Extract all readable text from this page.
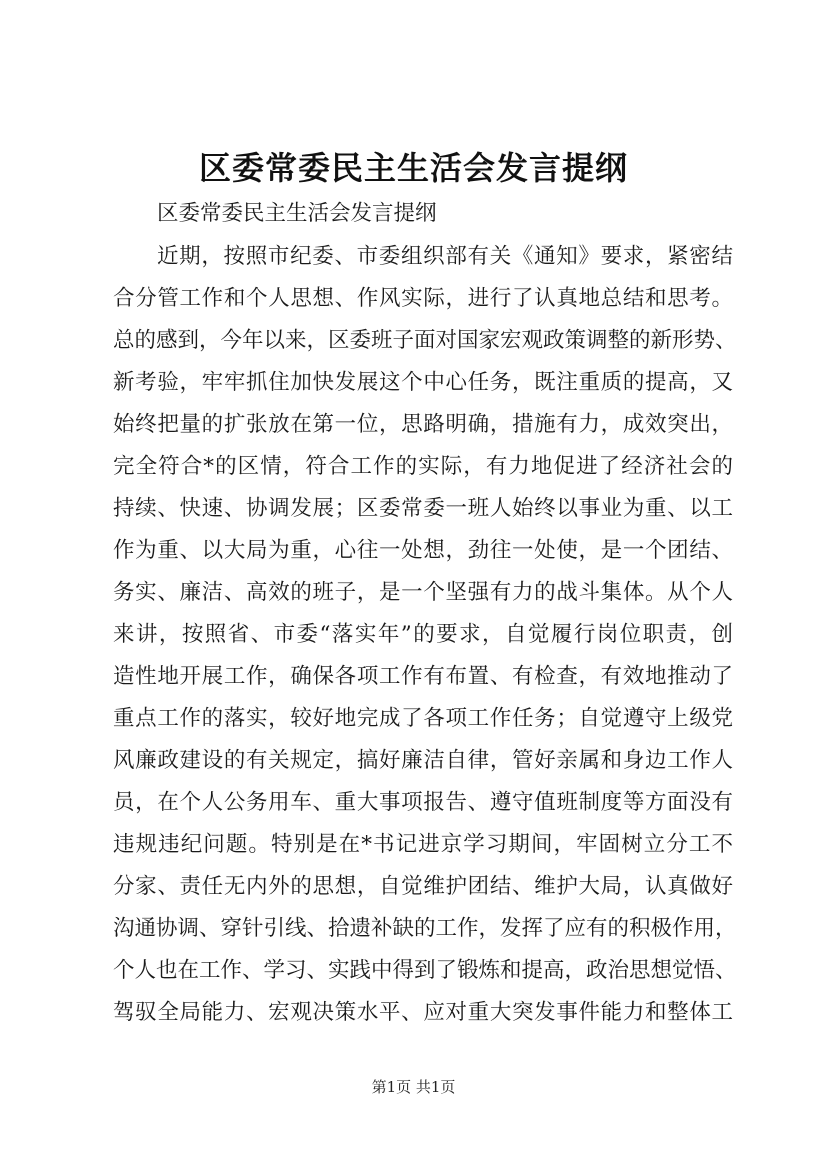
区委常委民主生活会发言提纲
区委常委民主生活会发言提纲
近期，按照市纪委、市委组织部有关《通知》要求，紧密结
合分管工作和个人思想、作风实际，进行了认真地总结和思考。
总的感到，今年以来，区委班子面对国家宏观政策调整的新形势、
新考验，牢牢抓住加快发展这个中心任务，既注重质的提高，又
始终把量的扩张放在第一位，思路明确，措施有力，成效突出，
完全符合*的区情，符合工作的实际，有力地促进了经济社会的
持续、快速、协调发展；区委常委一班人始终以事业为重、以工
作为重、以大局为重，心往一处想，劲往一处使，是一个团结、
务实、廉洁、高效的班子，是一个坚强有力的战斗集体。从个人
来讲，按照省、市委“落实年”的要求，自觉履行岗位职责，创
造性地开展工作，确保各项工作有布置、有检查，有效地推动了
重点工作的落实，较好地完成了各项工作任务；自觉遵守上级党
风廉政建设的有关规定，搞好廉洁自律，管好亲属和身边工作人
员，在个人公务用车、重大事项报告、遵守值班制度等方面没有
违规违纪问题。特别是在*书记进京学习期间，牢固树立分工不
分家、责任无内外的思想，自觉维护团结、维护大局，认真做好
沟通协调、穿针引线、拾遗补缺的工作，发挥了应有的积极作用，
个人也在工作、学习、实践中得到了锻炼和提高，政治思想觉悟、
驾驭全局能力、宏观决策水平、应对重大突发事件能力和整体工
第1页 共1页
